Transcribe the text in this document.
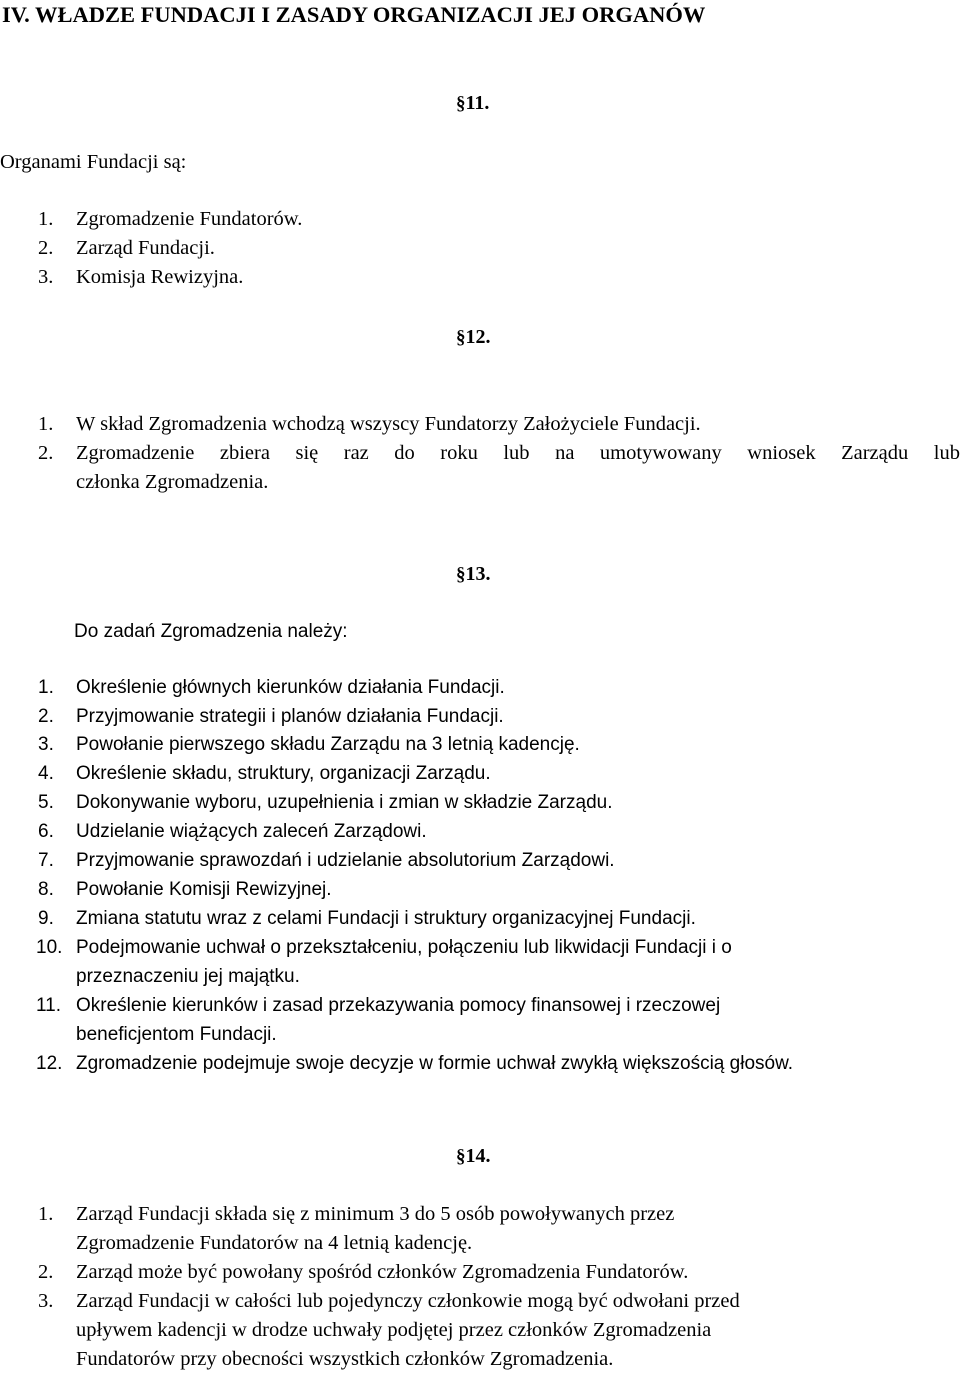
IV. WŁADZE FUNDACJI I ZASADY ORGANIZACJI JEJ ORGANÓW
§11.
Organami Fundacji są:
1. Zgromadzenie Fundatorów.
2. Zarząd Fundacji.
3. Komisja Rewizyjna.
§12.
1. W skład Zgromadzenia wchodzą wszyscy Fundatorzy Założyciele Fundacji.
2. Zgromadzenie zbiera się raz do roku lub na umotywowany wniosek Zarządu lub
członka Zgromadzenia.
§13.
Do zadań Zgromadzenia należy:
1. Określenie głównych kierunków działania Fundacji.
2. Przyjmowanie strategii i planów działania Fundacji.
3. Powołanie pierwszego składu Zarządu na 3 letnią kadencję.
4. Określenie składu, struktury, organizacji Zarządu.
5. Dokonywanie wyboru, uzupełnienia i zmian w składzie Zarządu.
6. Udzielanie wiążących zaleceń Zarządowi.
7. Przyjmowanie sprawozdań i udzielanie absolutorium Zarządowi.
8. Powołanie Komisji Rewizyjnej.
9. Zmiana statutu wraz z celami Fundacji i struktury organizacyjnej Fundacji.
10. Podejmowanie uchwał o przekształceniu, połączeniu lub likwidacji Fundacji i o
przeznaczeniu jej majątku.
11. Określenie kierunków i zasad przekazywania pomocy finansowej i rzeczowej
beneficjentom Fundacji.
12. Zgromadzenie podejmuje swoje decyzje w formie uchwał zwykłą większością głosów.
§14.
1. Zarząd Fundacji składa się z minimum 3 do 5 osób powoływanych przez
Zgromadzenie Fundatorów na 4 letnią kadencję.
2. Zarząd może być powołany spośród członków Zgromadzenia Fundatorów.
3. Zarząd Fundacji w całości lub pojedynczy członkowie mogą być odwołani przed
upływem kadencji w drodze uchwały podjętej przez członków Zgromadzenia
Fundatorów przy obecności wszystkich członków Zgromadzenia.
